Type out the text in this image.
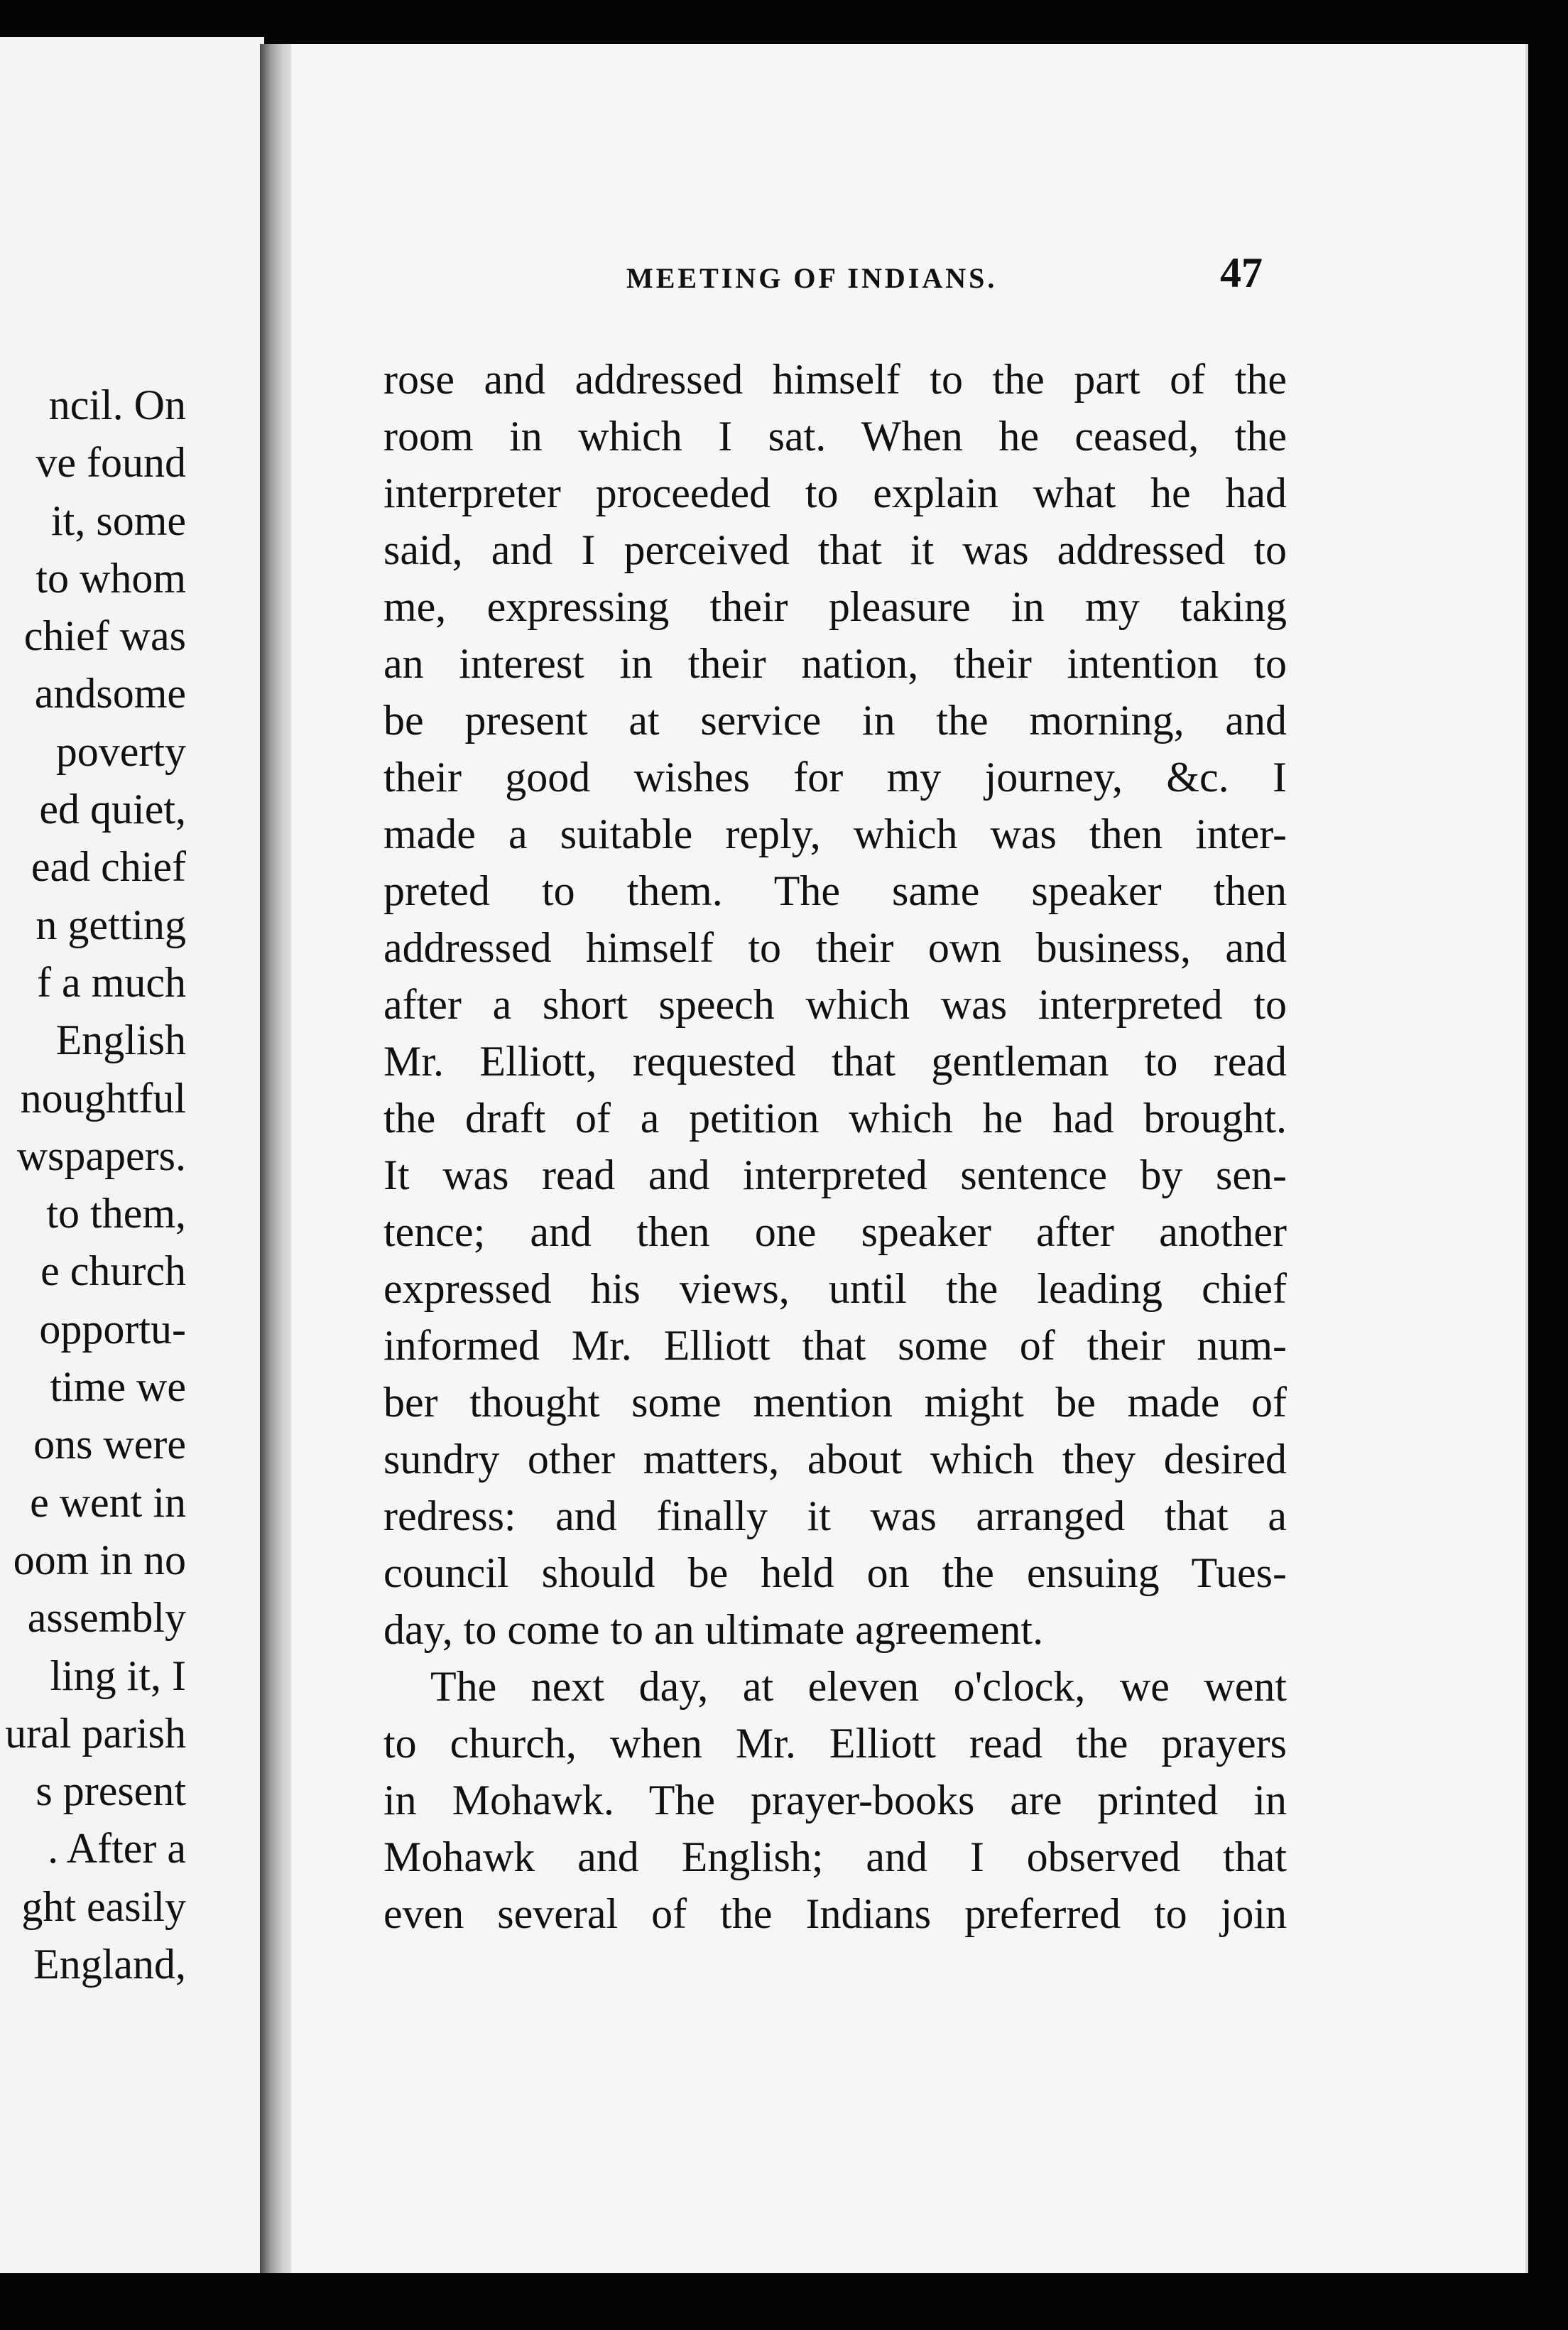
ncil. On
ve found
it, some
to whom
chief was
andsome
poverty
ed quiet,
ead chief
n getting
f a much
English
noughtful
wspapers.
to them,
e church
opportu-
time we
ons were
e went in
oom in no
assembly
ling it, I
ural parish
s present
. After a
ght easily
England,
MEETING OF INDIANS.	47
rose and addressed himself to the part of the
room in which I sat. When he ceased, the
interpreter proceeded to explain what he had
said, and I perceived that it was addressed to
me, expressing their pleasure in my taking
an interest in their nation, their intention to
be present at service in the morning, and
their good wishes for my journey, &c. I
made a suitable reply, which was then inter-
preted to them. The same speaker then
addressed himself to their own business, and
after a short speech which was interpreted to
Mr. Elliott, requested that gentleman to read
the draft of a petition which he had brought.
It was read and interpreted sentence by sen-
tence; and then one speaker after another
expressed his views, until the leading chief
informed Mr. Elliott that some of their num-
ber thought some mention might be made of
sundry other matters, about which they desired
redress: and finally it was arranged that a
council should be held on the ensuing Tues-
day, to come to an ultimate agreement.
The next day, at eleven o'clock, we went
to church, when Mr. Elliott read the prayers
in Mohawk. The prayer-books are printed in
Mohawk and English; and I observed that
even several of the Indians preferred to join
